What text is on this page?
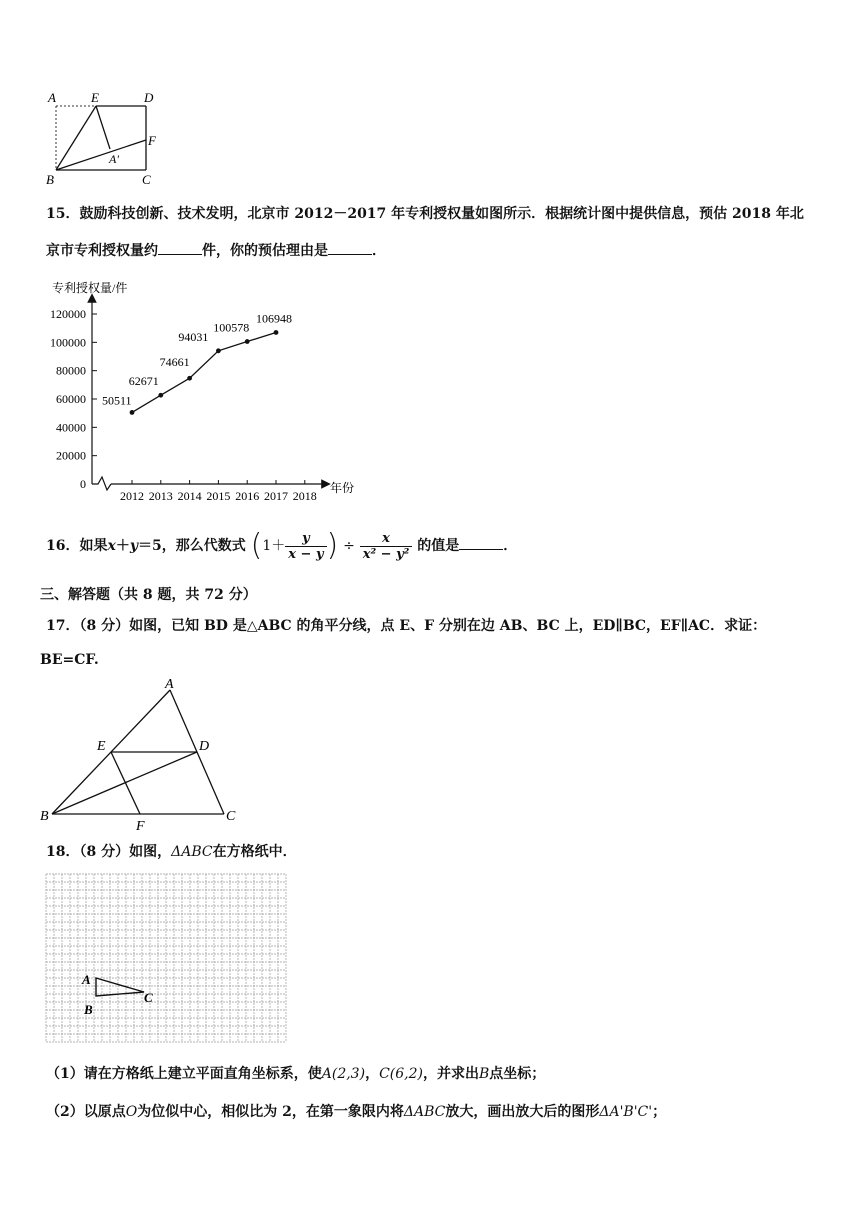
A	E	D
F
A'
B	C
15．鼓励科技创新、技术发明，北京市 2012－2017 年专利授权量如图所示．根据统计图中提供信息，预估 2018 年北
京市专利授权量约	件，你的预估理由是	．
专利授权量/件
年份
0
20000
40000
60000
80000
100000
120000
2012 2013 2014 2015 2016 2017 2018
50511
62671
74661
94031
100578
106948
16．如果x＋y＝5，那么代数式 ($1+ \frac{y}{x - y}$ ) ÷ $\frac{x}{\text{x² − y²}}$ 的值是	．
三、解答题（共 8 题，共 72 分）
17．（8 分）如图，已知 BD 是△ABC 的角平分线，点 E、F 分别在边 AB、BC 上，ED∥BC，EF∥AC．求证：
BE=CF.
A
E	D
B
F
C
18．（8 分）如图，ΔABC在方格纸中．
A
B
C
（1）请在方格纸上建立平面直角坐标系，使A(2,3)，C(6,2)，并求出B点坐标；
（2）以原点O为位似中心，相似比为 2，在第一象限内将ΔABC放大，画出放大后的图形ΔA'B'C'；
